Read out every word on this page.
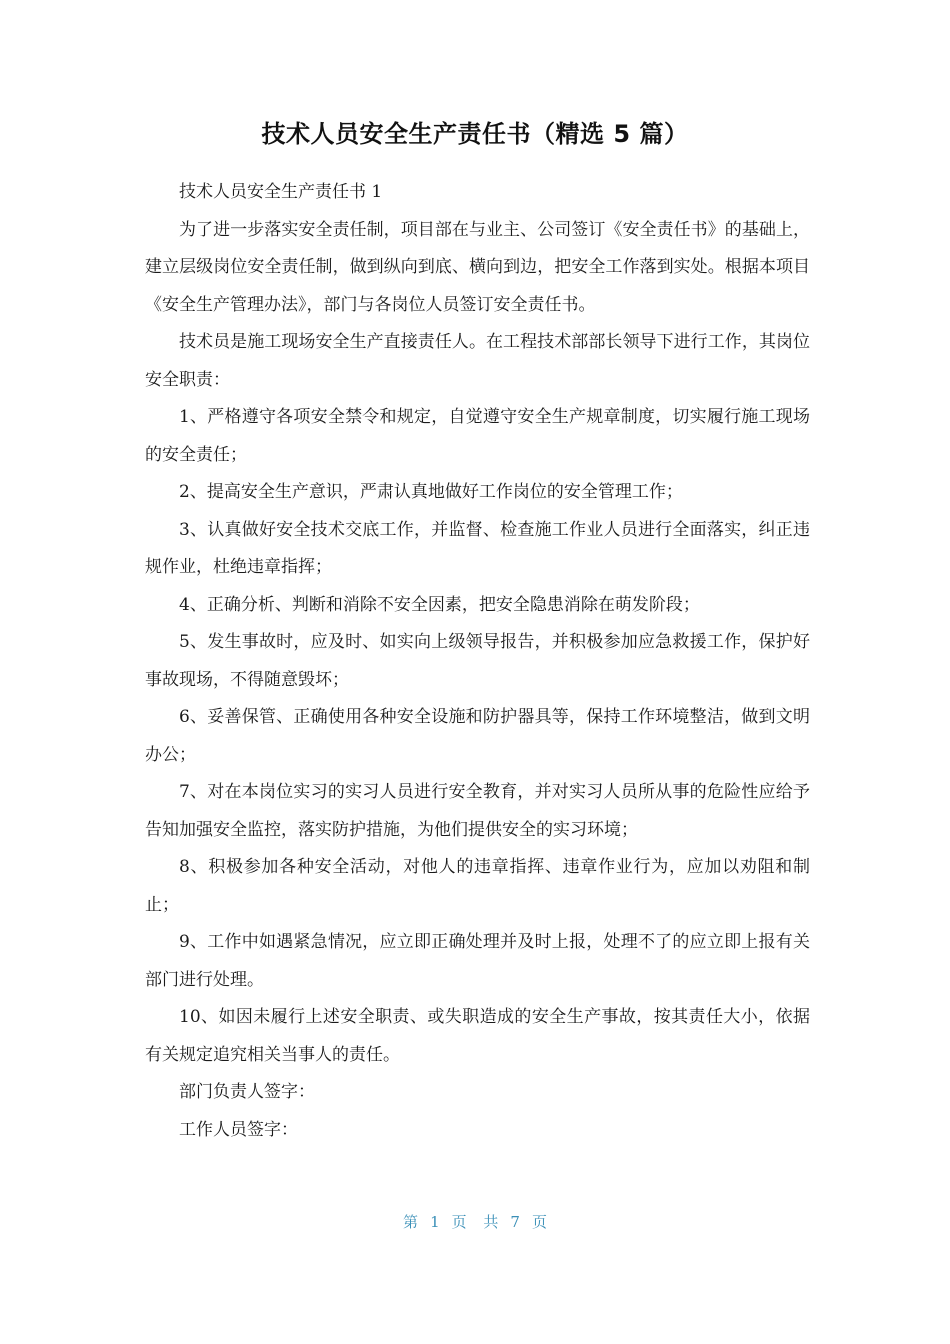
技术人员安全生产责任书（精选 5 篇）

技术人员安全生产责任书 1

为了进一步落实安全责任制，项目部在与业主、公司签订《安全责任书》的基础上，建立层级岗位安全责任制，做到纵向到底、横向到边，把安全工作落到实处。根据本项目《安全生产管理办法》，部门与各岗位人员签订安全责任书。

技术员是施工现场安全生产直接责任人。在工程技术部部长领导下进行工作，其岗位安全职责：

1、严格遵守各项安全禁令和规定，自觉遵守安全生产规章制度，切实履行施工现场的安全责任；

2、提高安全生产意识，严肃认真地做好工作岗位的安全管理工作；

3、认真做好安全技术交底工作，并监督、检查施工作业人员进行全面落实，纠正违规作业，杜绝违章指挥；

4、正确分析、判断和消除不安全因素，把安全隐患消除在萌发阶段；

5、发生事故时，应及时、如实向上级领导报告，并积极参加应急救援工作，保护好事故现场，不得随意毁坏；

6、妥善保管、正确使用各种安全设施和防护器具等，保持工作环境整洁，做到文明办公；

7、对在本岗位实习的实习人员进行安全教育，并对实习人员所从事的危险性应给予告知加强安全监控，落实防护措施，为他们提供安全的实习环境；

8、积极参加各种安全活动，对他人的违章指挥、违章作业行为，应加以劝阻和制止；

9、工作中如遇紧急情况，应立即正确处理并及时上报，处理不了的应立即上报有关部门进行处理。

10、如因未履行上述安全职责、或失职造成的安全生产事故，按其责任大小，依据有关规定追究相关当事人的责任。

部门负责人签字：

工作人员签字：

第 1 页 共 7 页
